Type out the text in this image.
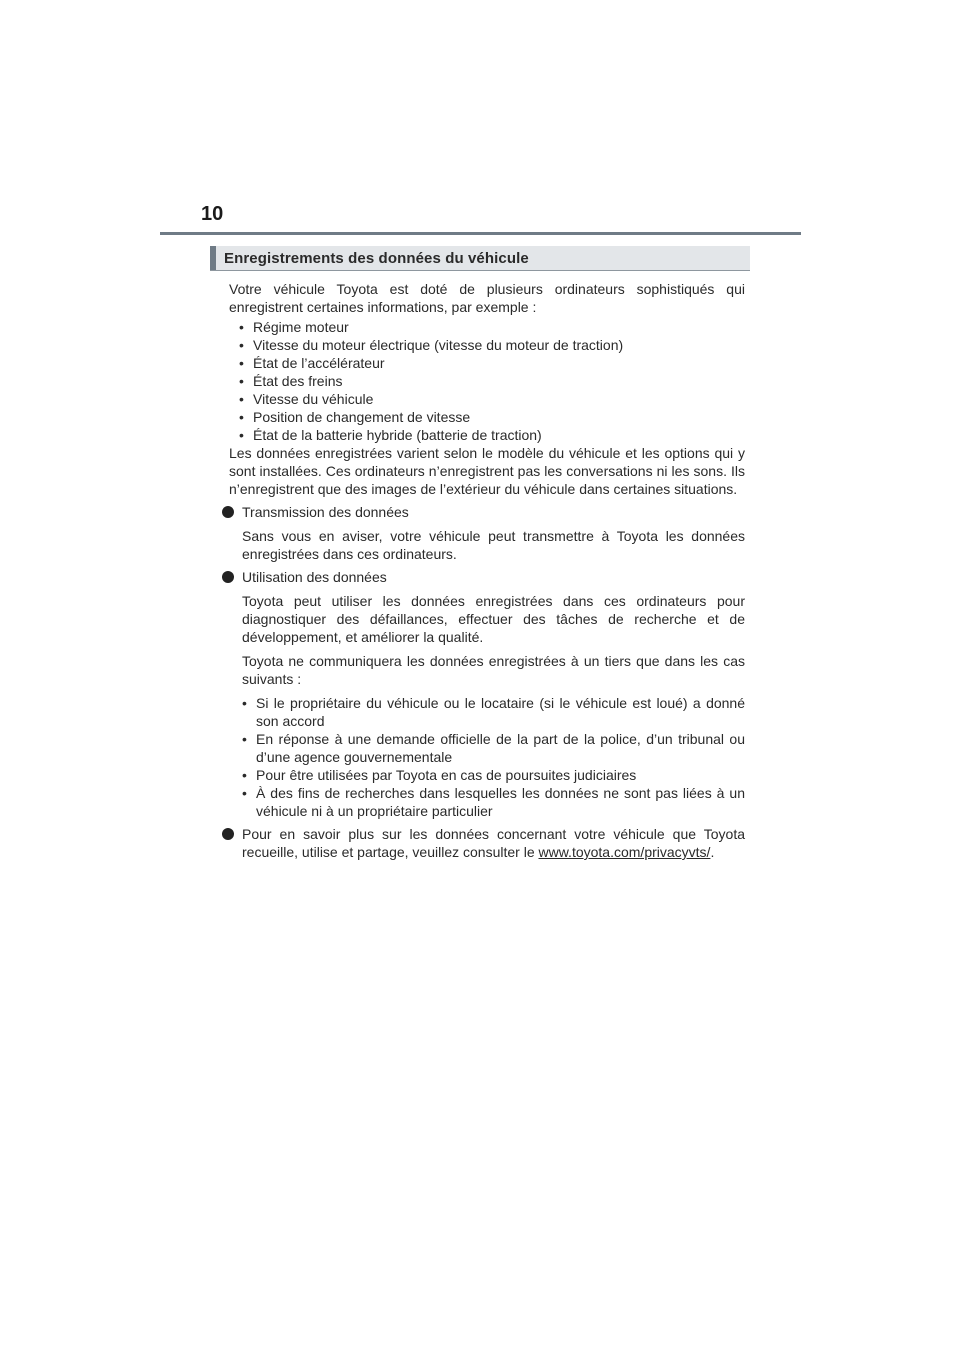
10
Enregistrements des données du véhicule

Votre véhicule Toyota est doté de plusieurs ordinateurs sophistiqués qui enregistrent certaines informations, par exemple :

• Régime moteur
• Vitesse du moteur électrique (vitesse du moteur de traction)
• État de l’accélérateur
• État des freins
• Vitesse du véhicule
• Position de changement de vitesse
• État de la batterie hybride (batterie de traction)

Les données enregistrées varient selon le modèle du véhicule et les options qui y sont installées. Ces ordinateurs n’enregistrent pas les conversations ni les sons. Ils n’enregistrent que des images de l’extérieur du véhicule dans certaines situations.

Transmission des données

Sans vous en aviser, votre véhicule peut transmettre à Toyota les données enregistrées dans ces ordinateurs.

Utilisation des données

Toyota peut utiliser les données enregistrées dans ces ordinateurs pour diagnostiquer des défaillances, effectuer des tâches de recherche et de développement, et améliorer la qualité.

Toyota ne communiquera les données enregistrées à un tiers que dans les cas suivants :

• Si le propriétaire du véhicule ou le locataire (si le véhicule est loué) a donné son accord
• En réponse à une demande officielle de la part de la police, d’un tribunal ou d’une agence gouvernementale
• Pour être utilisées par Toyota en cas de poursuites judiciaires
• À des fins de recherches dans lesquelles les données ne sont pas liées à un véhicule ni à un propriétaire particulier

Pour en savoir plus sur les données concernant votre véhicule que Toyota recueille, utilise et partage, veuillez consulter le www.toyota.com/privacyvts/.
